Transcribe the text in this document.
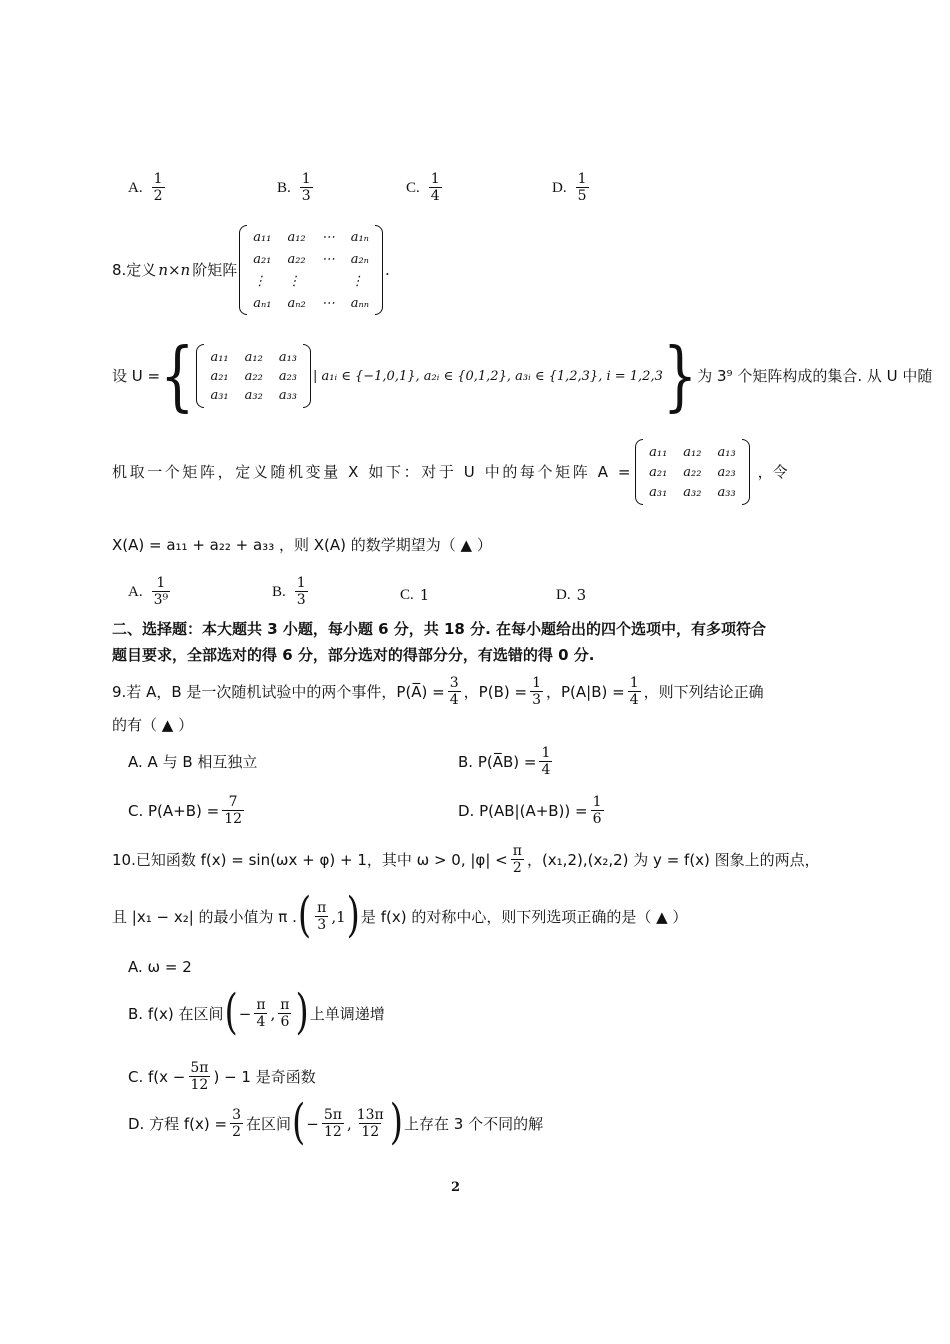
A. $\frac{1}{2}$	B. $\frac{1}{3}$	C. $\frac{1}{4}$	D. $\frac{1}{5}$
8.定义 n×n 阶矩阵
a₁₁ a₁₂ ⋯ a₁ₙ
a₂₁ a₂₂ ⋯ a₂ₙ
⋮	⋮	⋮
aₙ₁ aₙ₂ ⋯ aₙₙ
.
设 U = { a₁₁ a₁₂ a₁₃
a₂₁ a₂₂ a₂₃
a₃₁ a₃₂ a₃₃
| a₁ᵢ ∈ {−1,0,1}, a₂ᵢ ∈ {0,1,2}, a₃ᵢ ∈ {1,2,3}, i = 1,2,3 } 为 3⁹ 个矩阵构成的集合. 从 U 中随
机取一个矩阵，定义随机变量 X 如下：对于 U 中的每个矩阵 A =
a₁₁ a₁₂ a₁₃
a₂₁ a₂₂ a₂₃
a₃₁ a₃₂ a₃₃
，令
X(A) = a₁₁ + a₂₂ + a₃₃ ，则 X(A) 的数学期望为（ ▲ ）
A. $\frac{1}{\text{3⁹}}$	B. $\frac{1}{3}$	C. 1	D. 3
二、选择题：本大题共 3 小题，每小题 6 分，共 18 分. 在每小题给出的四个选项中，有多项符合
题目要求，全部选对的得 6 分，部分选对的得部分分，有选错的得 0 分.
9.若 A，B 是一次随机试验中的两个事件，P(A̅) = $\frac{3}{4}$ ，$P(B) = \frac{1}{3}$ ，$P(A|B) = \frac{1}{4}$ ，则下列结论正确
的有（ ▲ ）
A. A 与 B 相互独立	B. P(A̅B) = $\frac{1}{4}$
C. $P(A+B) = \frac{7}{12}$	D. $P(AB|(A+B)) = \frac{1}{6}$
10.已知函数 f(x) = sin(ωx + φ) + 1，其中 ω > 0, $|\varphi| < \frac{\pi}{2}$ ，(x₁,2),(x₂,2) 为 y = f(x) 图象上的两点，
且 |x₁ − x₂| 的最小值为 π . ( $\frac{\pi}{3} ,1$ ) 是 f(x) 的对称中心，则下列选项正确的是（ ▲ ）
A. ω = 2
B. f(x) 在区间 ( − $\frac{\pi}{4}$ , $\frac{\pi}{6}$ ) 上单调递增
C. $f(x - \frac{5\pi}{12}$ ) − 1 是奇函数
D. 方程 $f(x) = \frac{3}{2}$ 在区间 ( − $\frac{5\pi}{12}$ , $\frac{13\pi}{12}$ ) 上存在 3 个不同的解
2
